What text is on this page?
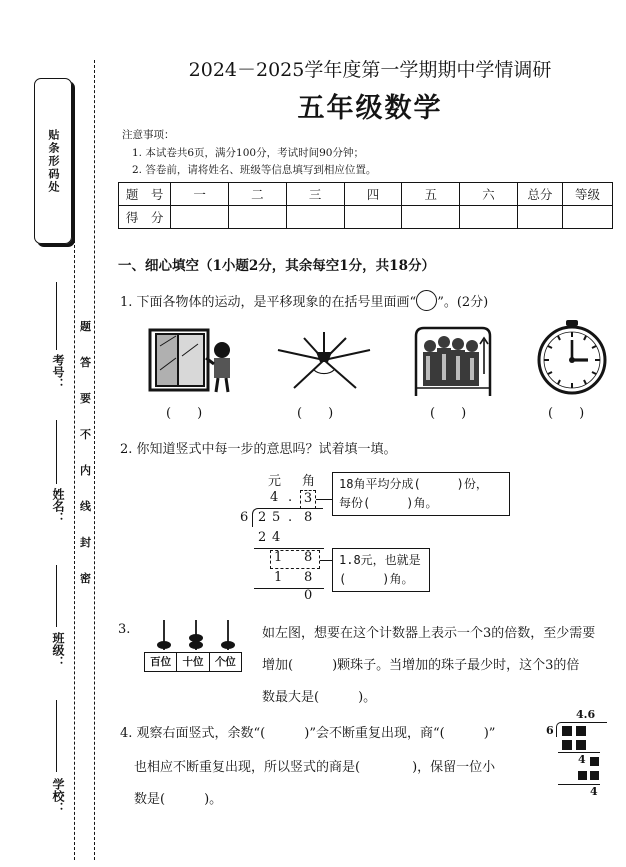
贴条形码处
考号：
姓名：
班级：
学校：
题
答
要
不
内
线
封
密
2024－2025学年度第一学期期中学情调研
五年级数学
注意事项：
1. 本试卷共6页，满分100分，考试时间90分钟；
2. 答卷前，请将姓名、班级等信息填写到相应位置。
题　号	一	二	三	四	五	六	总分	等级
得　分								
一、细心填空（1小题2分，其余每空1分，共18分）
1. 下面各物体的运动，是平移现象的在括号里面画“ ”。(2分)
(　　)	(　　)	(　　)	(　　)
2. 你知道竖式中每一步的意思吗？试着填一填。
元 角
4 . 3
6 2 5 . 8
2 4
1 8
1 8
0
18角平均分成(　　　)份，
每份(　　　)角。
1.8元，也就是
(　　　)角。
3.
百位	十位	个位
如左图，想要在这个计数器上表示一个3的倍数，至少需要
增加(　　　)颗珠子。当增加的珠子最少时，这个3的倍
数最大是(　　　)。
4. 观察右面竖式，余数“(　　　)”会不断重复出现，商“(　　　)”
也相应不断重复出现，所以竖式的商是(　　　　)，保留一位小
数是(　　　)。
4.6
6
4
4
